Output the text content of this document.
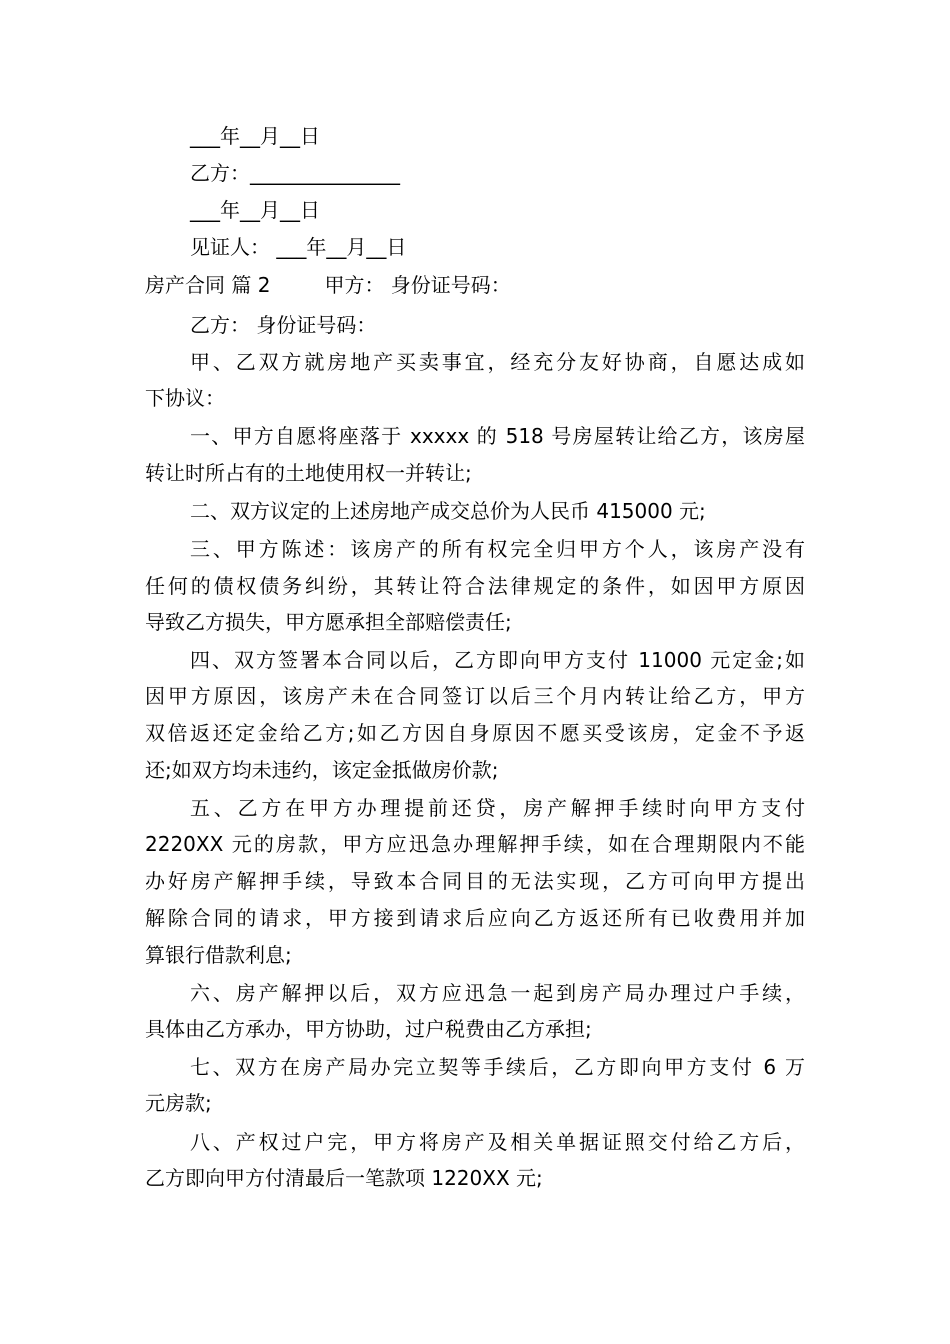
___年__月__日
乙方：_______________
___年__月__日
见证人： ___年__月__日
房产合同 篇 2	甲方： 身份证号码：
乙方： 身份证号码：
甲、乙双方就房地产买卖事宜，经充分友好协商，自愿达成如
下协议：
一、甲方自愿将座落于 xxxxx 的 518 号房屋转让给乙方，该房屋
转让时所占有的土地使用权一并转让;
二、双方议定的上述房地产成交总价为人民币 415000 元;
三、甲方陈述：该房产的所有权完全归甲方个人，该房产没有
任何的债权债务纠纷，其转让符合法律规定的条件，如因甲方原因
导致乙方损失，甲方愿承担全部赔偿责任;
四、双方签署本合同以后，乙方即向甲方支付 11000 元定金;如
因甲方原因，该房产未在合同签订以后三个月内转让给乙方，甲方
双倍返还定金给乙方;如乙方因自身原因不愿买受该房，定金不予返
还;如双方均未违约，该定金抵做房价款;
五、乙方在甲方办理提前还贷，房产解押手续时向甲方支付
2220XX 元的房款，甲方应迅急办理解押手续，如在合理期限内不能
办好房产解押手续，导致本合同目的无法实现，乙方可向甲方提出
解除合同的请求，甲方接到请求后应向乙方返还所有已收费用并加
算银行借款利息;
六、房产解押以后，双方应迅急一起到房产局办理过户手续，
具体由乙方承办，甲方协助，过户税费由乙方承担;
七、双方在房产局办完立契等手续后，乙方即向甲方支付 6 万
元房款;
八、产权过户完，甲方将房产及相关单据证照交付给乙方后，
乙方即向甲方付清最后一笔款项 1220XX 元;
